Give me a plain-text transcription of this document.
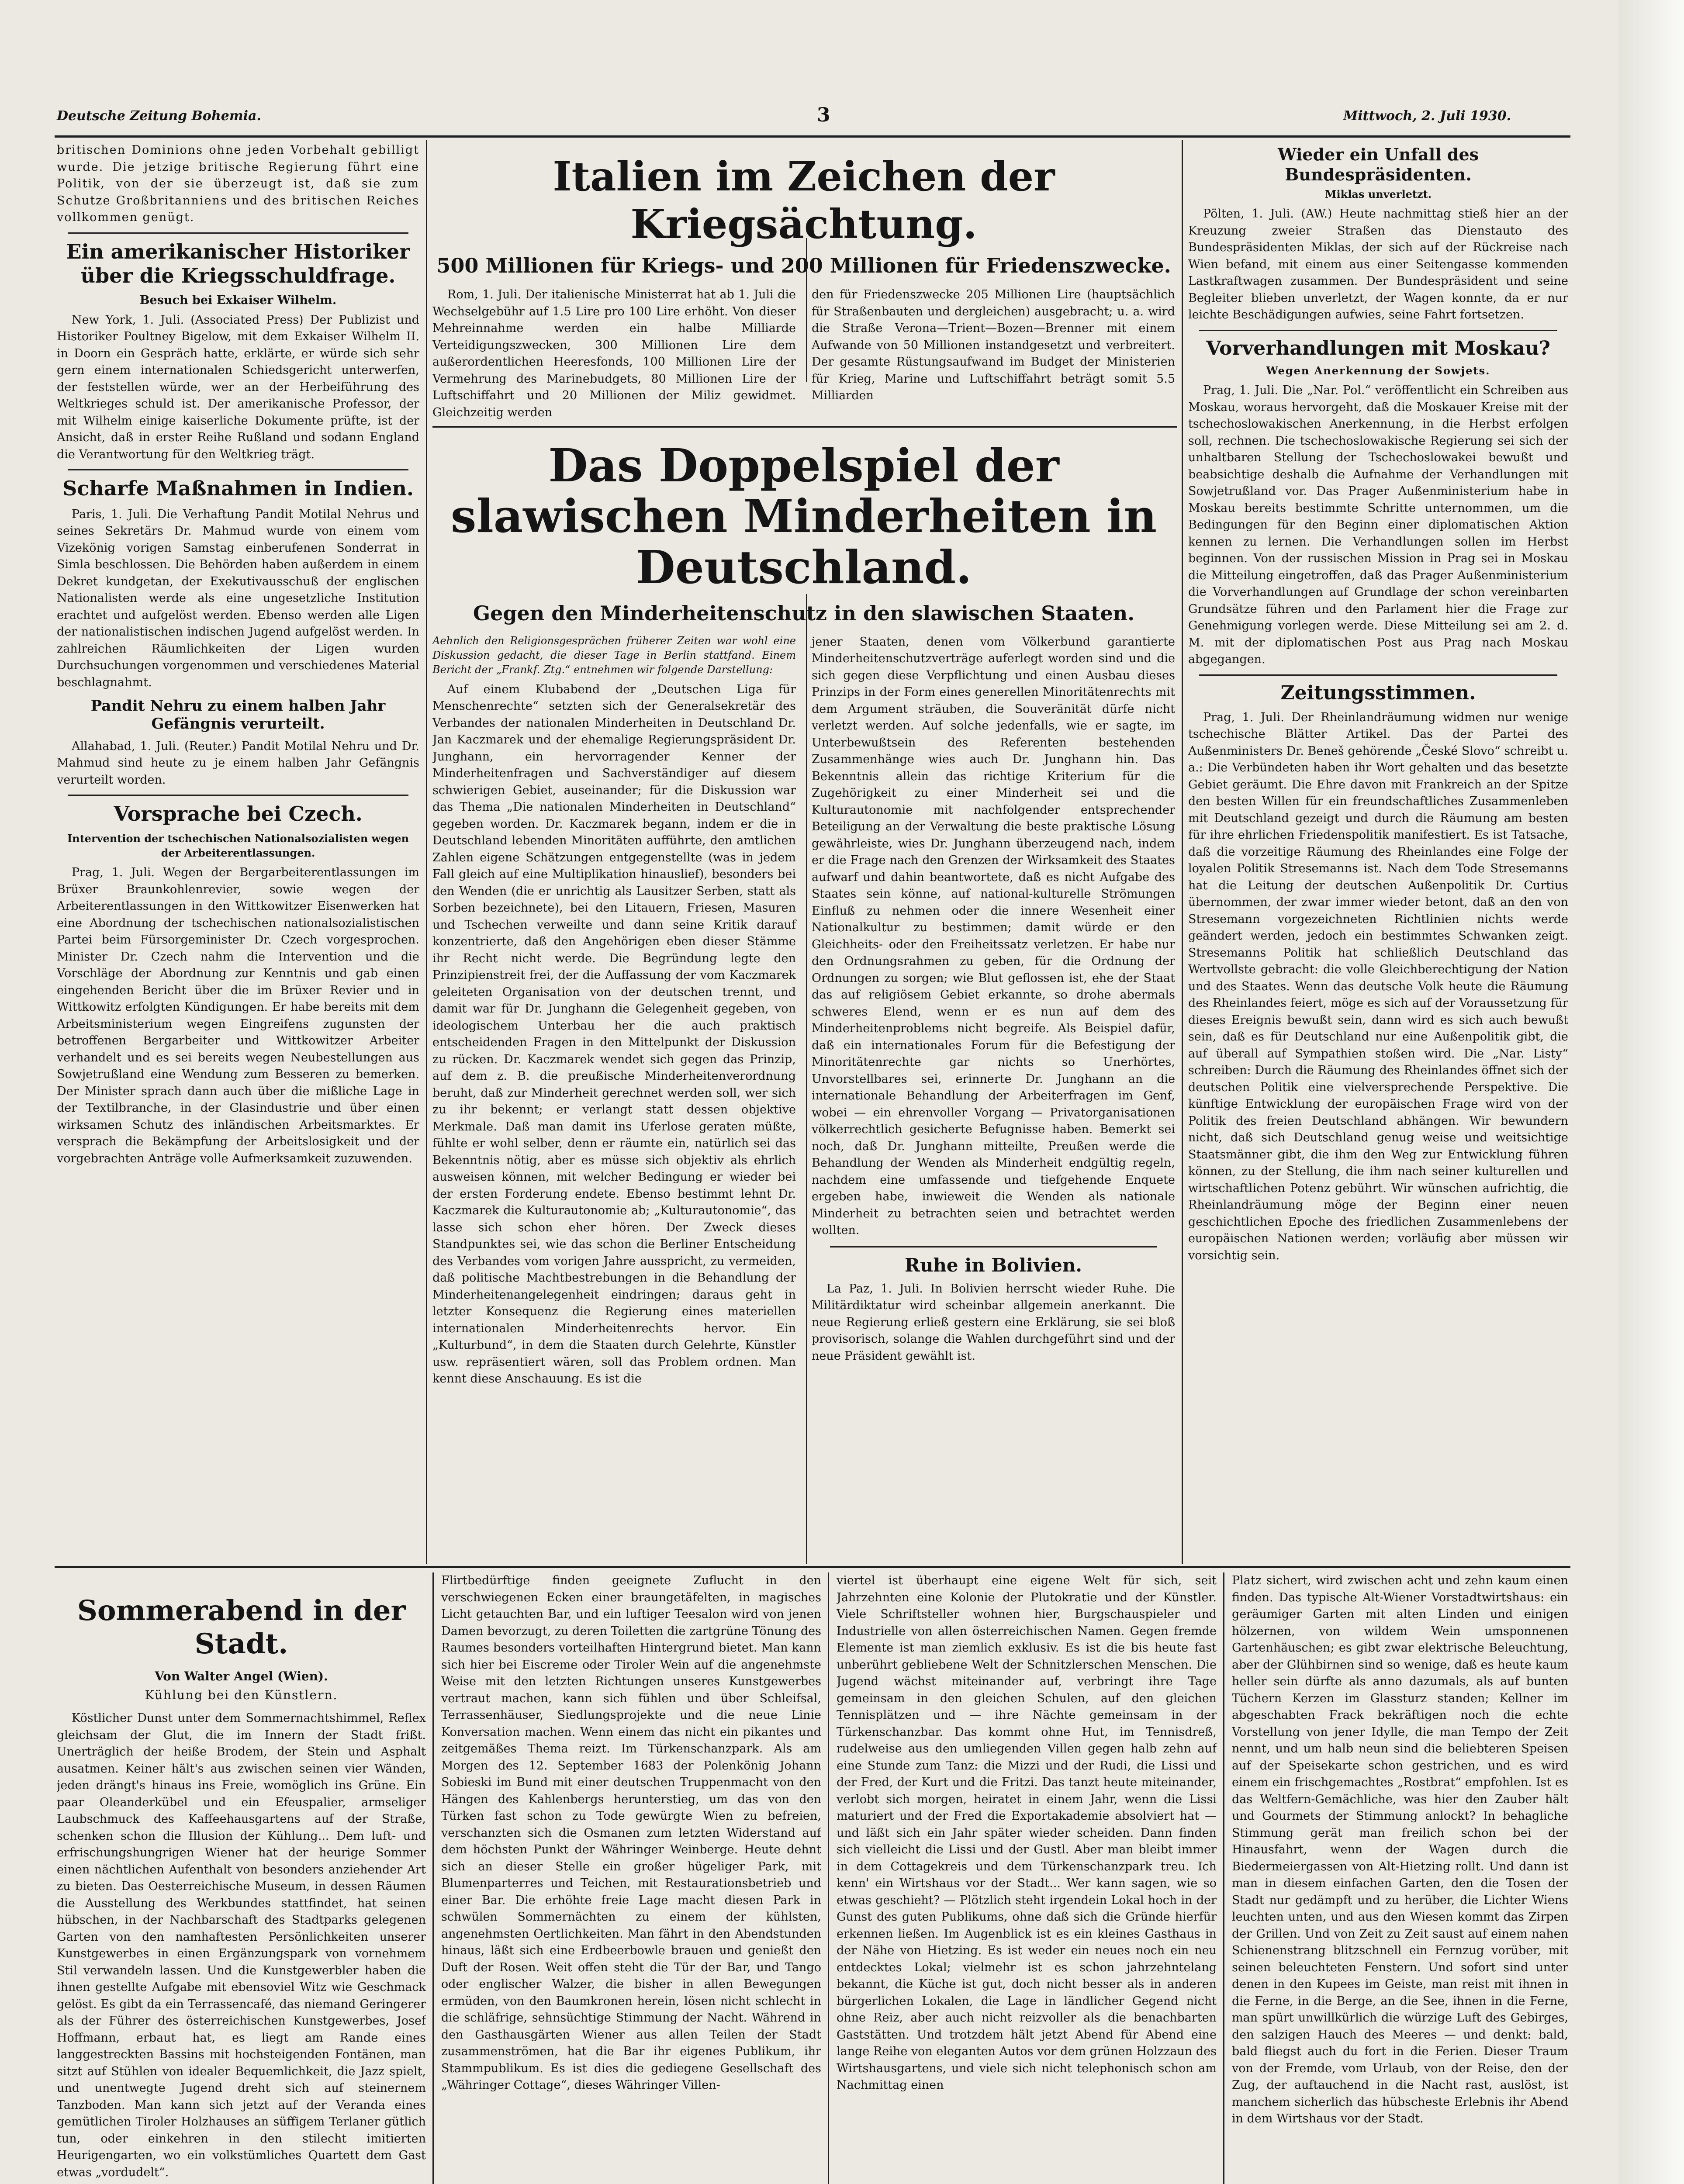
Deutsche Zeitung Bohemia.	3	Mittwoch, 2. Juli 1930.

britischen Dominions ohne jeden Vorbehalt gebilligt wurde. Die jetzige britische Regierung führt eine Politik, von der sie überzeugt ist, daß sie zum Schutze Großbritanniens und des britischen Reiches vollkommen genügt.

Ein amerikanischer Historiker über die Kriegsschuldfrage.
Besuch bei Exkaiser Wilhelm.

New York, 1. Juli. (Associated Press) Der Publizist und Historiker Poultney Bigelow, mit dem Exkaiser Wilhelm II. in Doorn ein Gespräch hatte, erklärte, er würde sich sehr gern einem internationalen Schiedsgericht unterwerfen, der feststellen würde, wer an der Herbeiführung des Weltkrieges schuld ist. Der amerikanische Professor, der mit Wilhelm einige kaiserliche Dokumente prüfte, ist der Ansicht, daß in erster Reihe Rußland und sodann England die Verantwortung für den Weltkrieg trägt.

Scharfe Maßnahmen in Indien.

Paris, 1. Juli. Die Verhaftung Pandit Motilal Nehrus und seines Sekretärs Dr. Mahmud wurde von einem vom Vizekönig vorigen Samstag einberufenen Sonderrat in Simla beschlossen. Die Behörden haben außerdem in einem Dekret kundgetan, der Exekutivausschuß der englischen Nationalisten werde als eine ungesetzliche Institution erachtet und aufgelöst werden. Ebenso werden alle Ligen der nationalistischen indischen Jugend aufgelöst werden. In zahlreichen Räumlichkeiten der Ligen wurden Durchsuchungen vorgenommen und verschiedenes Material beschlagnahmt.

Pandit Nehru zu einem halben Jahr Gefängnis verurteilt.

Allahabad, 1. Juli. (Reuter.) Pandit Motilal Nehru und Dr. Mahmud sind heute zu je einem halben Jahr Gefängnis verurteilt worden.

Vorsprache bei Czech.
Intervention der tschechischen Nationalsozialisten wegen der Arbeiterentlassungen.

Prag, 1. Juli. Wegen der Bergarbeiterentlassungen im Brüxer Braunkohlenrevier, sowie wegen der Arbeiterentlassungen in den Wittkowitzer Eisenwerken hat eine Abordnung der tschechischen nationalsozialistischen Partei beim Fürsorgeminister Dr. Czech vorgesprochen. Minister Dr. Czech nahm die Intervention und die Vorschläge der Abordnung zur Kenntnis und gab einen eingehenden Bericht über die im Brüxer Revier und in Wittkowitz erfolgten Kündigungen. Er habe bereits mit dem Arbeitsministerium wegen Eingreifens zugunsten der betroffenen Bergarbeiter und Wittkowitzer Arbeiter verhandelt und es sei bereits wegen Neubestellungen aus Sowjetrußland eine Wendung zum Besseren zu bemerken. Der Minister sprach dann auch über die mißliche Lage in der Textilbranche, in der Glasindustrie und über einen wirksamen Schutz des inländischen Arbeitsmarktes. Er versprach die Bekämpfung der Arbeitslosigkeit und der vorgebrachten Anträge volle Aufmerksamkeit zuzuwenden.

Italien im Zeichen der Kriegsächtung.
500 Millionen für Kriegs- und 200 Millionen für Friedenszwecke.

Rom, 1. Juli. Der italienische Ministerrat hat ab 1. Juli die Wechselgebühr auf 1.5 Lire pro 100 Lire erhöht. Von dieser Mehreinnahme werden ein halbe Milliarde Verteidigungszwecken, 300 Millionen Lire dem außerordentlichen Heeresfonds, 100 Millionen Lire der Vermehrung des Marinebudgets, 80 Millionen Lire der Luftschiffahrt und 20 Millionen der Miliz gewidmet. Gleichzeitig werden

den für Friedenszwecke 205 Millionen Lire (hauptsächlich für Straßenbauten und dergleichen) ausgebracht; u. a. wird die Straße Verona—Trient—Bozen—Brenner mit einem Aufwande von 50 Millionen instandgesetzt und verbreitert. Der gesamte Rüstungsaufwand im Budget der Ministerien für Krieg, Marine und Luftschiffahrt beträgt somit 5.5 Milliarden

Das Doppelspiel der slawischen Minderheiten in Deutschland.
Gegen den Minderheitenschutz in den slawischen Staaten.

Aehnlich den Religionsgesprächen früherer Zeiten war wohl eine Diskussion gedacht, die dieser Tage in Berlin stattfand. Einem Bericht der „Frankf. Ztg.“ entnehmen wir folgende Darstellung:

Auf einem Klubabend der „Deutschen Liga für Menschenrechte“ setzten sich der Generalsekretär des Verbandes der nationalen Minderheiten in Deutschland Dr. Jan Kaczmarek und der ehemalige Regierungspräsident Dr. Junghann, ein hervorragender Kenner der Minderheitenfragen und Sachverständiger auf diesem schwierigen Gebiet, auseinander; für die Diskussion war das Thema „Die nationalen Minderheiten in Deutschland“ gegeben worden. Dr. Kaczmarek begann, indem er die in Deutschland lebenden Minoritäten aufführte, den amtlichen Zahlen eigene Schätzungen entgegenstellte (was in jedem Fall gleich auf eine Multiplikation hinauslief), besonders bei den Wenden (die er unrichtig als Lausitzer Serben, statt als Sorben bezeichnete), bei den Litauern, Friesen, Masuren und Tschechen verweilte und dann seine Kritik darauf konzentrierte, daß den Angehörigen eben dieser Stämme ihr Recht nicht werde. Die Begründung legte den Prinzipienstreit frei, der die Auffassung der vom Kaczmarek geleiteten Organisation von der deutschen trennt, und damit war für Dr. Junghann die Gelegenheit gegeben, von ideologischem Unterbau her die auch praktisch entscheidenden Fragen in den Mittelpunkt der Diskussion zu rücken. Dr. Kaczmarek wendet sich gegen das Prinzip, auf dem z. B. die preußische Minderheitenverordnung beruht, daß zur Minderheit gerechnet werden soll, wer sich zu ihr bekennt; er verlangt statt dessen objektive Merkmale. Daß man damit ins Uferlose geraten müßte, fühlte er wohl selber, denn er räumte ein, natürlich sei das Bekenntnis nötig, aber es müsse sich objektiv als ehrlich ausweisen können, mit welcher Bedingung er wieder bei der ersten Forderung endete. Ebenso bestimmt lehnt Dr. Kaczmarek die Kulturautonomie ab; „Kulturautonomie“, das lasse sich schon eher hören. Der Zweck dieses Standpunktes sei, wie das schon die Berliner Entscheidung des Verbandes vom vorigen Jahre ausspricht, zu vermeiden, daß politische Machtbestrebungen in die Behandlung der Minderheitenangelegenheit eindringen; daraus geht in letzter Konsequenz die Regierung eines materiellen internationalen Minderheitenrechts hervor. Ein „Kulturbund“, in dem die Staaten durch Gelehrte, Künstler usw. repräsentiert wären, soll das Problem ordnen. Man kennt diese Anschauung. Es ist die

jener Staaten, denen vom Völkerbund garantierte Minderheitenschutzverträge auferlegt worden sind und die sich gegen diese Verpflichtung und einen Ausbau dieses Prinzips in der Form eines generellen Minoritätenrechts mit dem Argument sträuben, die Souveränität dürfe nicht verletzt werden. Auf solche jedenfalls, wie er sagte, im Unterbewußtsein des Referenten bestehenden Zusammenhänge wies auch Dr. Junghann hin. Das Bekenntnis allein das richtige Kriterium für die Zugehörigkeit zu einer Minderheit sei und die Kulturautonomie mit nachfolgender entsprechender Beteiligung an der Verwaltung die beste praktische Lösung gewährleiste, wies Dr. Junghann überzeugend nach, indem er die Frage nach den Grenzen der Wirksamkeit des Staates aufwarf und dahin beantwortete, daß es nicht Aufgabe des Staates sein könne, auf national-kulturelle Strömungen Einfluß zu nehmen oder die innere Wesenheit einer Nationalkultur zu bestimmen; damit würde er den Gleichheits- oder den Freiheitssatz verletzen. Er habe nur den Ordnungsrahmen zu geben, für die Ordnung der Ordnungen zu sorgen; wie Blut geflossen ist, ehe der Staat das auf religiösem Gebiet erkannte, so drohe abermals schweres Elend, wenn er es nun auf dem des Minderheitenproblems nicht begreife. Als Beispiel dafür, daß ein internationales Forum für die Befestigung der Minoritätenrechte gar nichts so Unerhörtes, Unvorstellbares sei, erinnerte Dr. Junghann an die internationale Behandlung der Arbeiterfragen im Genf, wobei — ein ehrenvoller Vorgang — Privatorganisationen völkerrechtlich gesicherte Befugnisse haben. Bemerkt sei noch, daß Dr. Junghann mitteilte, Preußen werde die Behandlung der Wenden als Minderheit endgültig regeln, nachdem eine umfassende und tiefgehende Enquete ergeben habe, inwieweit die Wenden als nationale Minderheit zu betrachten seien und betrachtet werden wollten.

Ruhe in Bolivien.

La Paz, 1. Juli. In Bolivien herrscht wieder Ruhe. Die Militärdiktatur wird scheinbar allgemein anerkannt. Die neue Regierung erließ gestern eine Erklärung, sie sei bloß provisorisch, solange die Wahlen durchgeführt sind und der neue Präsident gewählt ist.

Wieder ein Unfall des Bundespräsidenten.
Miklas unverletzt.

Pölten, 1. Juli. (AW.) Heute nachmittag stieß hier an der Kreuzung zweier Straßen das Dienstauto des Bundespräsidenten Miklas, der sich auf der Rückreise nach Wien befand, mit einem aus einer Seitengasse kommenden Lastkraftwagen zusammen. Der Bundespräsident und seine Begleiter blieben unverletzt, der Wagen konnte, da er nur leichte Beschädigungen aufwies, seine Fahrt fortsetzen.

Vorverhandlungen mit Moskau?
Wegen Anerkennung der Sowjets.

Prag, 1. Juli. Die „Nar. Pol.“ veröffentlicht ein Schreiben aus Moskau, woraus hervorgeht, daß die Moskauer Kreise mit der tschechoslowakischen Anerkennung, in die Herbst erfolgen soll, rechnen. Die tschechoslowakische Regierung sei sich der unhaltbaren Stellung der Tschechoslowakei bewußt und beabsichtige deshalb die Aufnahme der Verhandlungen mit Sowjetrußland vor. Das Prager Außenministerium habe in Moskau bereits bestimmte Schritte unternommen, um die Bedingungen für den Beginn einer diplomatischen Aktion kennen zu lernen. Die Verhandlungen sollen im Herbst beginnen. Von der russischen Mission in Prag sei in Moskau die Mitteilung eingetroffen, daß das Prager Außenministerium die Vorverhandlungen auf Grundlage der schon vereinbarten Grundsätze führen und den Parlament hier die Frage zur Genehmigung vorlegen werde. Diese Mitteilung sei am 2. d. M. mit der diplomatischen Post aus Prag nach Moskau abgegangen.

Zeitungsstimmen.

Prag, 1. Juli. Der Rheinlandräumung widmen nur wenige tschechische Blätter Artikel. Das der Partei des Außenministers Dr. Beneš gehörende „České Slovo“ schreibt u. a.: Die Verbündeten haben ihr Wort gehalten und das besetzte Gebiet geräumt. Die Ehre davon mit Frankreich an der Spitze den besten Willen für ein freundschaftliches Zusammenleben mit Deutschland gezeigt und durch die Räumung am besten für ihre ehrlichen Friedenspolitik manifestiert. Es ist Tatsache, daß die vorzeitige Räumung des Rheinlandes eine Folge der loyalen Politik Stresemanns ist. Nach dem Tode Stresemanns hat die Leitung der deutschen Außenpolitik Dr. Curtius übernommen, der zwar immer wieder betont, daß an den von Stresemann vorgezeichneten Richtlinien nichts werde geändert werden, jedoch ein bestimmtes Schwanken zeigt. Stresemanns Politik hat schließlich Deutschland das Wertvollste gebracht: die volle Gleichberechtigung der Nation und des Staates. Wenn das deutsche Volk heute die Räumung des Rheinlandes feiert, möge es sich auf der Voraussetzung für dieses Ereignis bewußt sein, dann wird es sich auch bewußt sein, daß es für Deutschland nur eine Außenpolitik gibt, die auf überall auf Sympathien stoßen wird. Die „Nar. Listy“ schreiben: Durch die Räumung des Rheinlandes öffnet sich der deutschen Politik eine vielversprechende Perspektive. Die künftige Entwicklung der europäischen Frage wird von der Politik des freien Deutschland abhängen. Wir bewundern nicht, daß sich Deutschland genug weise und weitsichtige Staatsmänner gibt, die ihm den Weg zur Entwicklung führen können, zu der Stellung, die ihm nach seiner kulturellen und wirtschaftlichen Potenz gebührt. Wir wünschen aufrichtig, die Rheinlandräumung möge der Beginn einer neuen geschichtlichen Epoche des friedlichen Zusammenlebens der europäischen Nationen werden; vorläufig aber müssen wir vorsichtig sein.

Sommerabend in der Stadt.
Von Walter Angel (Wien).
Kühlung bei den Künstlern.

Köstlicher Dunst unter dem Sommernachtshimmel, Reflex gleichsam der Glut, die im Innern der Stadt frißt. Unerträglich der heiße Brodem, der Stein und Asphalt ausatmen. Keiner hält's aus zwischen seinen vier Wänden, jeden drängt's hinaus ins Freie, womöglich ins Grüne. Ein paar Oleanderkübel und ein Efeuspalier, armseliger Laubschmuck des Kaffeehausgartens auf der Straße, schenken schon die Illusion der Kühlung... Dem luft- und erfrischungshungrigen Wiener hat der heurige Sommer einen nächtlichen Aufenthalt von besonders anziehender Art zu bieten. Das Oesterreichische Museum, in dessen Räumen die Ausstellung des Werkbundes stattfindet, hat seinen hübschen, in der Nachbarschaft des Stadtparks gelegenen Garten von den namhaftesten Persönlichkeiten unserer Kunstgewerbes in einen Ergänzungspark von vornehmem Stil verwandeln lassen. Und die Kunstgewerbler haben die ihnen gestellte Aufgabe mit ebensoviel Witz wie Geschmack gelöst. Es gibt da ein Terrassencafé, das niemand Geringerer als der Führer des österreichischen Kunstgewerbes, Josef Hoffmann, erbaut hat, es liegt am Rande eines langgestreckten Bassins mit hochsteigenden Fontänen, man sitzt auf Stühlen von idealer Bequemlichkeit, die Jazz spielt, und unentwegte Jugend dreht sich auf steinernem Tanzboden. Man kann sich jetzt auf der Veranda eines gemütlichen Tiroler Holzhauses an süffigem Terlaner gütlich tun, oder einkehren in den stilecht imitierten Heurigengarten, wo ein volkstümliches Quartett dem Gast etwas „vordudelt“.

Flirtbedürftige finden geeignete Zuflucht in den verschwiegenen Ecken einer braungetäfelten, in magisches Licht getauchten Bar, und ein luftiger Teesalon wird von jenen Damen bevorzugt, zu deren Toiletten die zartgrüne Tönung des Raumes besonders vorteilhaften Hintergrund bietet. Man kann sich hier bei Eiscreme oder Tiroler Wein auf die angenehmste Weise mit den letzten Richtungen unseres Kunstgewerbes vertraut machen, kann sich fühlen und über Schleifsal, Terrassenhäuser, Siedlungsprojekte und die neue Linie Konversation machen. Wenn einem das nicht ein pikantes und zeitgemäßes Thema reizt. Im Türkenschanzpark. Als am Morgen des 12. September 1683 der Polenkönig Johann Sobieski im Bund mit einer deutschen Truppenmacht von den Hängen des Kahlenbergs herunterstieg, um das von den Türken fast schon zu Tode gewürgte Wien zu befreien, verschanzten sich die Osmanen zum letzten Widerstand auf dem höchsten Punkt der Währinger Weinberge. Heute dehnt sich an dieser Stelle ein großer hügeliger Park, mit Blumenparterres und Teichen, mit Restaurationsbetrieb und einer Bar. Die erhöhte freie Lage macht diesen Park in schwülen Sommernächten zu einem der kühlsten, angenehmsten Oertlichkeiten. Man fährt in den Abendstunden hinaus, läßt sich eine Erdbeerbowle brauen und genießt den Duft der Rosen. Weit offen steht die Tür der Bar, und Tango oder englischer Walzer, die bisher in allen Bewegungen ermüden, von den Baumkronen herein, lösen nicht schlecht in die schläfrige, sehnsüchtige Stimmung der Nacht. Während in den Gasthausgärten Wiener aus allen Teilen der Stadt zusammenströmen, hat die Bar ihr eigenes Publikum, ihr Stammpublikum. Es ist dies die gediegene Gesellschaft des „Währinger Cottage“, dieses Währinger Villen-

viertel ist überhaupt eine eigene Welt für sich, seit Jahrzehnten eine Kolonie der Plutokratie und der Künstler. Viele Schriftsteller wohnen hier, Burgschauspieler und Industrielle von allen österreichischen Namen. Gegen fremde Elemente ist man ziemlich exklusiv. Es ist die bis heute fast unberührt gebliebene Welt der Schnitzlerschen Menschen. Die Jugend wächst miteinander auf, verbringt ihre Tage gemeinsam in den gleichen Schulen, auf den gleichen Tennisplätzen und — ihre Nächte gemeinsam in der Türkenschanzbar. Das kommt ohne Hut, im Tennisdreß, rudelweise aus den umliegenden Villen gegen halb zehn auf eine Stunde zum Tanz: die Mizzi und der Rudi, die Lissi und der Fred, der Kurt und die Fritzi. Das tanzt heute miteinander, verlobt sich morgen, heiratet in einem Jahr, wenn die Lissi maturiert und der Fred die Exportakademie absolviert hat — und läßt sich ein Jahr später wieder scheiden. Dann finden sich vielleicht die Lissi und der Gustl. Aber man bleibt immer in dem Cottagekreis und dem Türkenschanzpark treu. Ich kenn' ein Wirtshaus vor der Stadt... Wer kann sagen, wie so etwas geschieht? — Plötzlich steht irgendein Lokal hoch in der Gunst des guten Publikums, ohne daß sich die Gründe hierfür erkennen ließen. Im Augenblick ist es ein kleines Gasthaus in der Nähe von Hietzing. Es ist weder ein neues noch ein neu entdecktes Lokal; vielmehr ist es schon jahrzehntelang bekannt, die Küche ist gut, doch nicht besser als in anderen bürgerlichen Lokalen, die Lage in ländlicher Gegend nicht ohne Reiz, aber auch nicht reizvoller als die benachbarten Gaststätten. Und trotzdem hält jetzt Abend für Abend eine lange Reihe von eleganten Autos vor dem grünen Holzzaun des Wirtshausgartens, und viele sich nicht telephonisch schon am Nachmittag einen

Platz sichert, wird zwischen acht und zehn kaum einen finden. Das typische Alt-Wiener Vorstadtwirtshaus: ein geräumiger Garten mit alten Linden und einigen hölzernen, von wildem Wein umsponnenen Gartenhäuschen; es gibt zwar elektrische Beleuchtung, aber der Glühbirnen sind so wenige, daß es heute kaum heller sein dürfte als anno dazumals, als auf bunten Tüchern Kerzen im Glassturz standen; Kellner im abgeschabten Frack bekräftigen noch die echte Vorstellung von jener Idylle, die man Tempo der Zeit nennt, und um halb neun sind die beliebteren Speisen auf der Speisekarte schon gestrichen, und es wird einem ein frischgemachtes „Rostbrat“ empfohlen. Ist es das Weltfern-Gemächliche, was hier den Zauber hält und Gourmets der Stimmung anlockt? In behagliche Stimmung gerät man freilich schon bei der Hinausfahrt, wenn der Wagen durch die Biedermeiergassen von Alt-Hietzing rollt. Und dann ist man in diesem einfachen Garten, den die Tosen der Stadt nur gedämpft und zu herüber, die Lichter Wiens leuchten unten, und aus den Wiesen kommt das Zirpen der Grillen. Und von Zeit zu Zeit saust auf einem nahen Schienenstrang blitzschnell ein Fernzug vorüber, mit seinen beleuchteten Fenstern. Und sofort sind unter denen in den Kupees im Geiste, man reist mit ihnen in die Ferne, in die Berge, an die See, ihnen in die Ferne, man spürt unwillkürlich die würzige Luft des Gebirges, den salzigen Hauch des Meeres — und denkt: bald, bald fliegst auch du fort in die Ferien. Dieser Traum von der Fremde, vom Urlaub, von der Reise, den der Zug, der auftauchend in die Nacht rast, auslöst, ist manchem sicherlich das hübscheste Erlebnis ihr Abend in dem Wirtshaus vor der Stadt.
